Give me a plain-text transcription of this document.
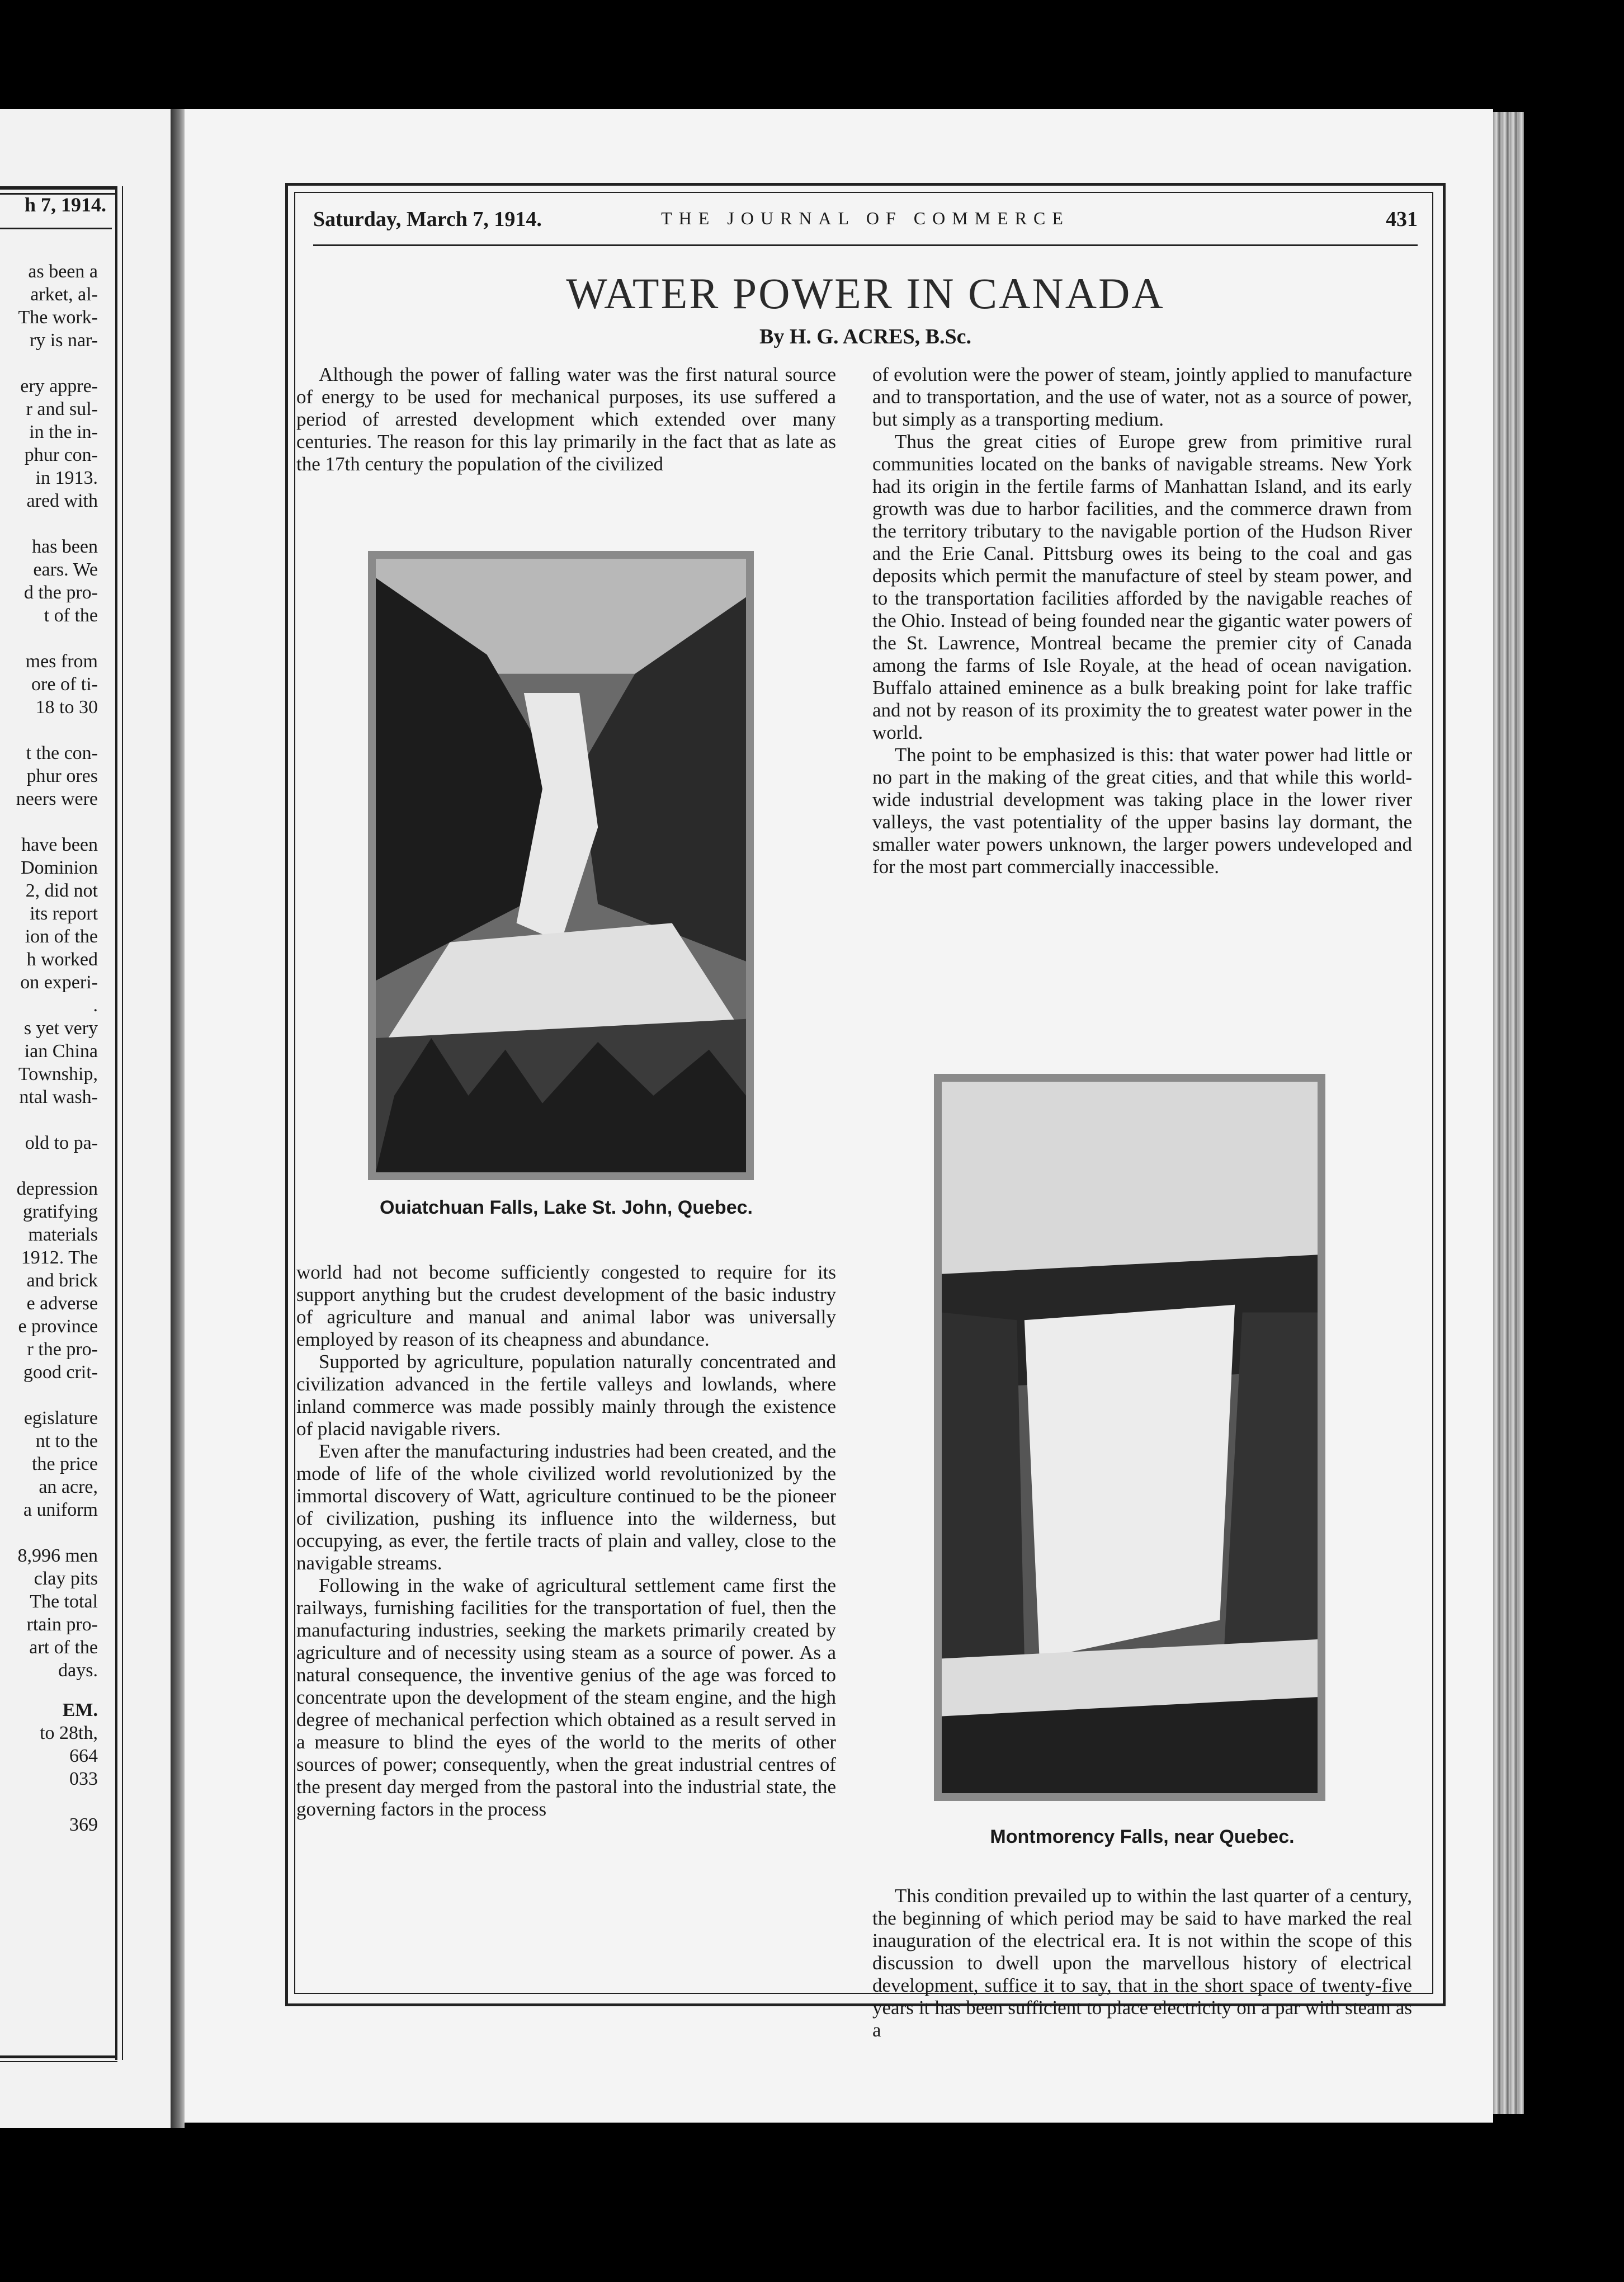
h 7, 1914.
as been a
arket, al-
The work-
ry is nar-

ery appre-
r and sul-
in the in-
phur con-
in 1913.
ared with

has been
ears. We
d the pro-
t of the

mes from
ore of ti-
18 to 30

t the con-
phur ores
neers were

have been
Dominion
2, did not
its report
ion of the
h worked
on experi-
.
s yet very
ian China
Township,
ntal wash-

old to pa-

depression
gratifying
materials
1912. The
and brick
e adverse
e province
r the pro-
good crit-

egislature
nt to the
the price
an acre,
a uniform

8,996 men
clay pits
The total
rtain pro-
art of the
days.
EM.
to 28th,
664
033

369
Saturday, March 7, 1914.	THE JOURNAL OF COMMERCE	431
WATER POWER IN CANADA
By H. G. ACRES, B.Sc.

Although the power of falling water was the first natural source of energy to be used for mechanical purposes, its use suffered a period of arrested development which extended over many centuries. The reason for this lay primarily in the fact that as late as the 17th century the population of the civilized

Ouiatchuan Falls, Lake St. John, Quebec.

world had not become sufficiently congested to require for its support anything but the crudest development of the basic industry of agriculture and manual and animal labor was universally employed by reason of its cheapness and abundance.

Supported by agriculture, population naturally concentrated and civilization advanced in the fertile valleys and lowlands, where inland commerce was made possibly mainly through the existence of placid navigable rivers.

Even after the manufacturing industries had been created, and the mode of life of the whole civilized world revolutionized by the immortal discovery of Watt, agriculture continued to be the pioneer of civilization, pushing its influence into the wilderness, but occupying, as ever, the fertile tracts of plain and valley, close to the navigable streams.

Following in the wake of agricultural settlement came first the railways, furnishing facilities for the transportation of fuel, then the manufacturing industries, seeking the markets primarily created by agriculture and of necessity using steam as a source of power. As a natural consequence, the inventive genius of the age was forced to concentrate upon the development of the steam engine, and the high degree of mechanical perfection which obtained as a result served in a measure to blind the eyes of the world to the merits of other sources of power; consequently, when the great industrial centres of the present day merged from the pastoral into the industrial state, the governing factors in the process

of evolution were the power of steam, jointly applied to manufacture and to transportation, and the use of water, not as a source of power, but simply as a transporting medium.

Thus the great cities of Europe grew from primitive rural communities located on the banks of navigable streams. New York had its origin in the fertile farms of Manhattan Island, and its early growth was due to harbor facilities, and the commerce drawn from the territory tributary to the navigable portion of the Hudson River and the Erie Canal. Pittsburg owes its being to the coal and gas deposits which permit the manufacture of steel by steam power, and to the transportation facilities afforded by the navigable reaches of the Ohio. Instead of being founded near the gigantic water powers of the St. Lawrence, Montreal became the premier city of Canada among the farms of Isle Royale, at the head of ocean navigation. Buffalo attained eminence as a bulk breaking point for lake traffic and not by reason of its proximity the to greatest water power in the world.

The point to be emphasized is this: that water power had little or no part in the making of the great cities, and that while this world-wide industrial development was taking place in the lower river valleys, the vast potentiality of the upper basins lay dormant, the smaller water powers unknown, the larger powers undeveloped and for the most part commercially inaccessible.

Montmorency Falls, near Quebec.

This condition prevailed up to within the last quarter of a century, the beginning of which period may be said to have marked the real inauguration of the electrical era. It is not within the scope of this discussion to dwell upon the marvellous history of electrical development, suffice it to say, that in the short space of twenty-five years it has been sufficient to place electricity on a par with steam as a
